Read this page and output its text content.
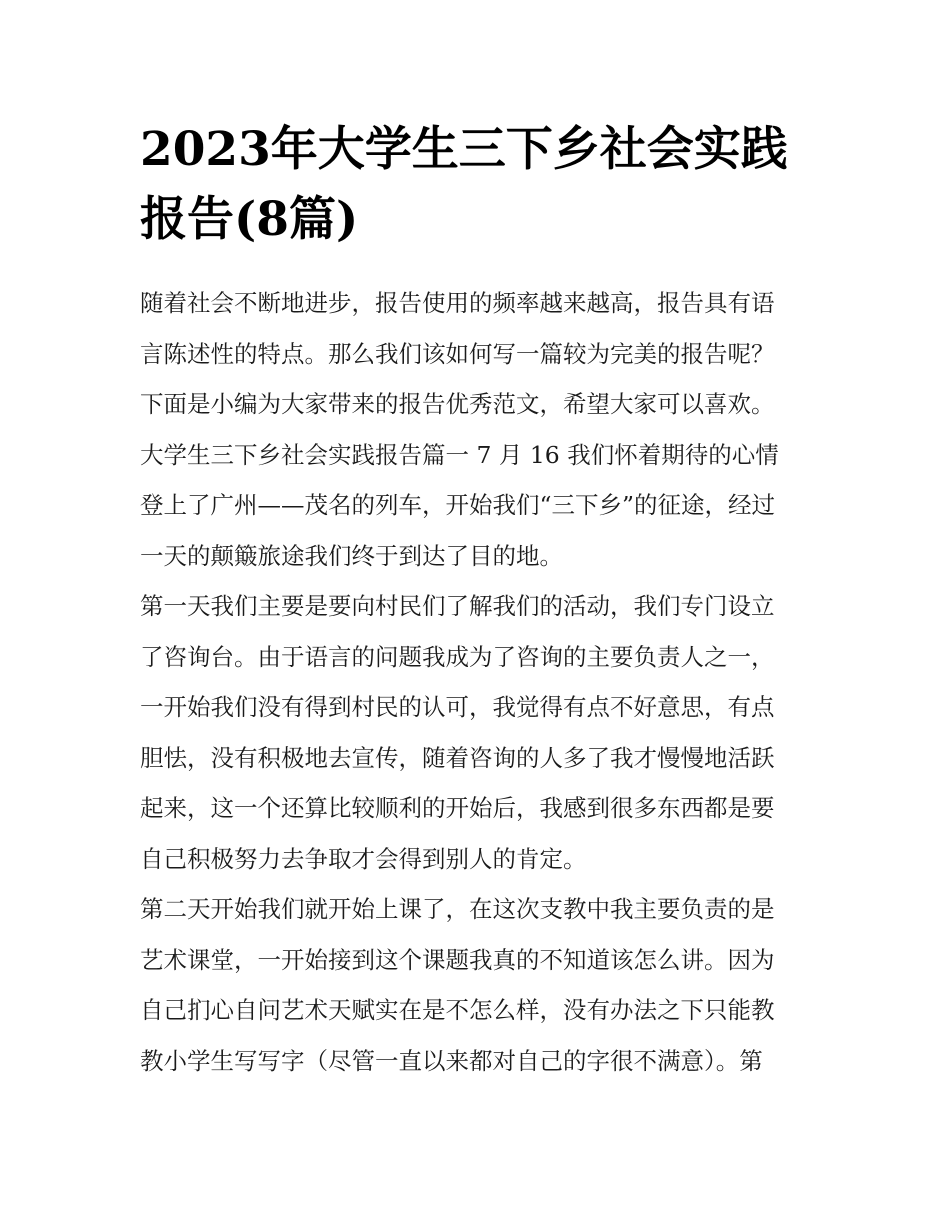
2023年大学生三下乡社会实践
报告(8篇)
随着社会不断地进步，报告使用的频率越来越高，报告具有语
言陈述性的特点。那么我们该如何写一篇较为完美的报告呢？
下面是小编为大家带来的报告优秀范文，希望大家可以喜欢。
大学生三下乡社会实践报告篇一 7 月 16 我们怀着期待的心情
登上了广州——茂名的列车，开始我们“三下乡”的征途，经过
一天的颠簸旅途我们终于到达了目的地。
第一天我们主要是要向村民们了解我们的活动，我们专门设立
了咨询台。由于语言的问题我成为了咨询的主要负责人之一，
一开始我们没有得到村民的认可，我觉得有点不好意思，有点
胆怯，没有积极地去宣传，随着咨询的人多了我才慢慢地活跃
起来，这一个还算比较顺利的开始后，我感到很多东西都是要
自己积极努力去争取才会得到别人的肯定。
第二天开始我们就开始上课了，在这次支教中我主要负责的是
艺术课堂，一开始接到这个课题我真的不知道该怎么讲。因为
自己扪心自问艺术天赋实在是不怎么样，没有办法之下只能教
教小学生写写字（尽管一直以来都对自己的字很不满意）。第
